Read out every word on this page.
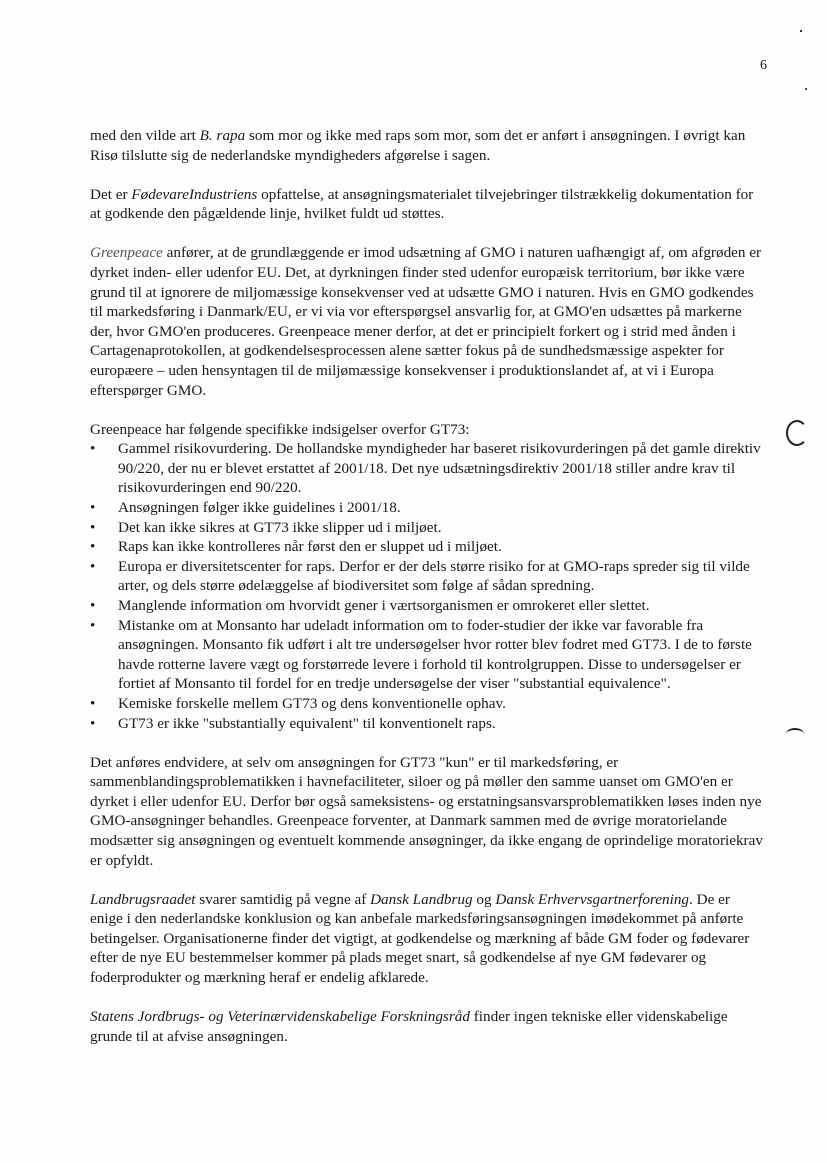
6

med den vilde art B. rapa som mor og ikke med raps som mor, som det er anført i ansøgningen. I øvrigt kan Risø tilslutte sig de nederlandske myndigheders afgørelse i sagen.

Det er FødevareIndustriens opfattelse, at ansøgningsmaterialet tilvejebringer tilstrækkelig dokumentation for at godkende den pågældende linje, hvilket fuldt ud støttes.

Greenpeace anfører, at de grundlæggende er imod udsætning af GMO i naturen uafhængigt af, om afgrøden er dyrket inden- eller udenfor EU. Det, at dyrkningen finder sted udenfor europæisk territorium, bør ikke være grund til at ignorere de miljomæssige konsekvenser ved at udsætte GMO i naturen. Hvis en GMO godkendes til markedsføring i Danmark/EU, er vi via vor efterspørgsel ansvarlig for, at GMO'en udsættes på markerne der, hvor GMO'en produceres. Greenpeace mener derfor, at det er principielt forkert og i strid med ånden i Cartagenaprotokollen, at godkendelsesprocessen alene sætter fokus på de sundhedsmæssige aspekter for europæere – uden hensyntagen til de miljømæssige konsekvenser i produktionslandet af, at vi i Europa efterspørger GMO.

Greenpeace har følgende specifikke indsigelser overfor GT73:
• Gammel risikovurdering. De hollandske myndigheder har baseret risikovurderingen på det gamle direktiv 90/220, der nu er blevet erstattet af 2001/18. Det nye udsætningsdirektiv 2001/18 stiller andre krav til risikovurderingen end 90/220.
• Ansøgningen følger ikke guidelines i 2001/18.
• Det kan ikke sikres at GT73 ikke slipper ud i miljøet.
• Raps kan ikke kontrolleres når først den er sluppet ud i miljøet.
• Europa er diversitetscenter for raps. Derfor er der dels større risiko for at GMO-raps spreder sig til vilde arter, og dels større ødelæggelse af biodiversitet som følge af sådan spredning.
• Manglende information om hvorvidt gener i værtsorganismen er omrokeret eller slettet.
• Mistanke om at Monsanto har udeladt information om to foder-studier der ikke var favorable fra ansøgningen. Monsanto fik udført i alt tre undersøgelser hvor rotter blev fodret med GT73. I de to første havde rotterne lavere vægt og forstørrede levere i forhold til kontrolgruppen. Disse to undersøgelser er fortiet af Monsanto til fordel for en tredje undersøgelse der viser "substantial equivalence".
• Kemiske forskelle mellem GT73 og dens konventionelle ophav.
• GT73 er ikke "substantially equivalent" til konventionelt raps.

Det anføres endvidere, at selv om ansøgningen for GT73 "kun" er til markedsføring, er sammenblandingsproblematikken i havnefaciliteter, siloer og på møller den samme uanset om GMO'en er dyrket i eller udenfor EU. Derfor bør også sameksistens- og erstatningsansvarsproblematikken løses inden nye GMO-ansøgninger behandles. Greenpeace forventer, at Danmark sammen med de øvrige moratorielande modsætter sig ansøgningen og eventuelt kommende ansøgninger, da ikke engang de oprindelige moratoriekrav er opfyldt.

Landbrugsraadet svarer samtidig på vegne af Dansk Landbrug og Dansk Erhvervsgartnerforening. De er enige i den nederlandske konklusion og kan anbefale markedsføringsansøgningen imødekommet på anførte betingelser. Organisationerne finder det vigtigt, at godkendelse og mærkning af både GM foder og fødevarer efter de nye EU bestemmelser kommer på plads meget snart, så godkendelse af nye GM fødevarer og foderprodukter og mærkning heraf er endelig afklarede.

Statens Jordbrugs- og Veterinærvidenskabelige Forskningsråd finder ingen tekniske eller videnskabelige grunde til at afvise ansøgningen.
